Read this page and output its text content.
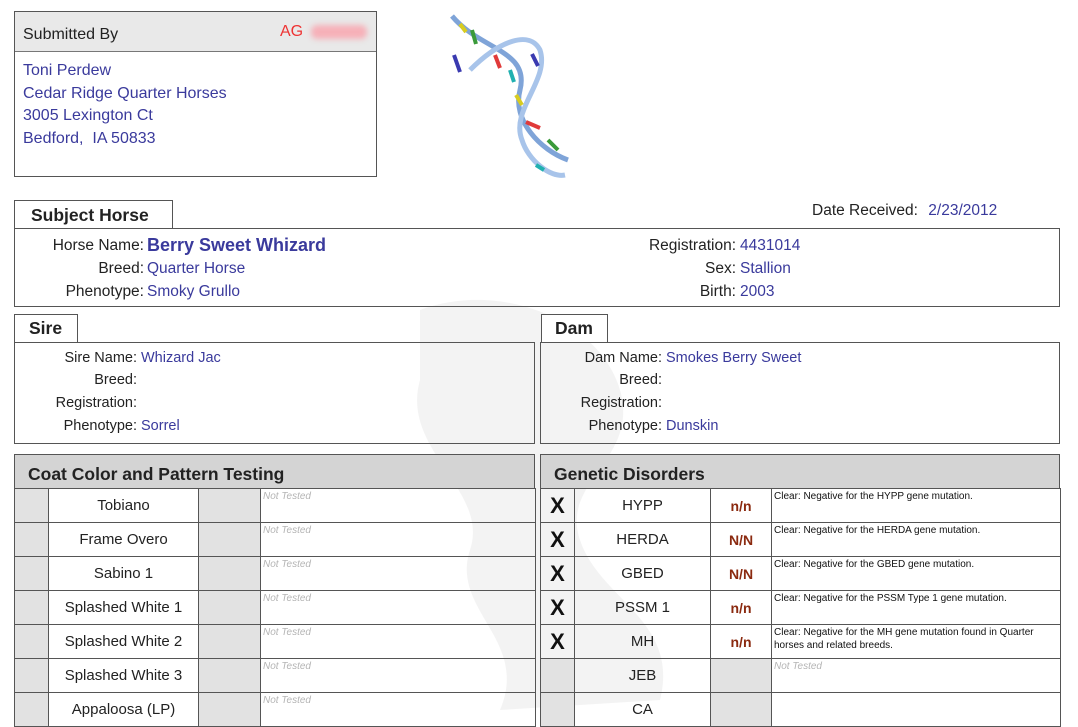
Submitted By	AG
Toni Perdew
Cedar Ridge Quarter Horses
3005 Lexington Ct
Bedford,  IA 50833
Subject Horse	Date Received: 2/23/2012
Horse Name: Berry Sweet Whizard
Breed: Quarter Horse
Phenotype: Smoky Grullo
Registration: 4431014
Sex: Stallion
Birth: 2003
Sire
Sire Name: Whizard Jac
Breed:
Registration:
Phenotype: Sorrel
Dam
Dam Name: Smokes Berry Sweet
Breed:
Registration:
Phenotype: Dunskin
Coat Color and Pattern Testing	Genetic Disorders
	Tobiano		Not Tested
	Frame Overo		Not Tested
	Sabino 1		Not Tested
	Splashed White 1		Not Tested
	Splashed White 2		Not Tested
	Splashed White 3		Not Tested
	Appaloosa (LP)		Not Tested
X	HYPP	n/n	Clear: Negative for the HYPP gene mutation.
X	HERDA	N/N	Clear: Negative for the HERDA gene mutation.
X	GBED	N/N	Clear: Negative for the GBED gene mutation.
X	PSSM 1	n/n	Clear: Negative for the PSSM Type 1 gene mutation.
X	MH	n/n	Clear: Negative for the MH gene mutation found in Quarter horses and related breeds.
	JEB		Not Tested
	CA		
